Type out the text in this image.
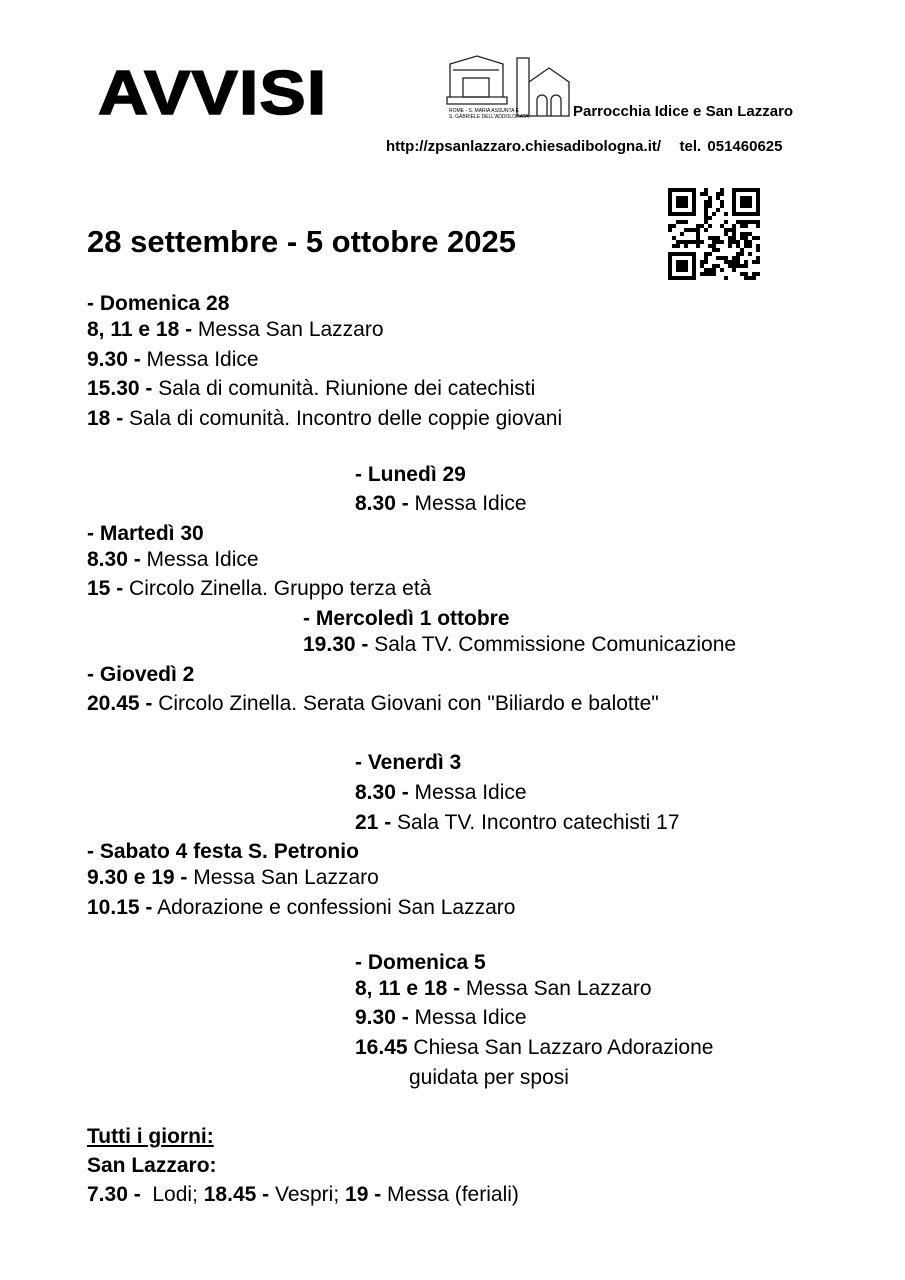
AVVISI	ROME - S. MARIA ASSUNTA E
S. GABRIELE DELL'ADDOLORATA	Parrocchia Idice e San Lazzaro
http://zpsanlazzaro.chiesadibologna.it/ tel. 051460625
28 settembre - 5 ottobre 2025
- Domenica 28
8, 11 e 18 - Messa San Lazzaro
9.30 - Messa Idice
15.30 - Sala di comunità. Riunione dei catechisti
18 - Sala di comunità. Incontro delle coppie giovani
- Lunedì 29
8.30 - Messa Idice
- Martedì 30
8.30 - Messa Idice
15 - Circolo Zinella. Gruppo terza età
- Mercoledì 1 ottobre
19.30 - Sala TV. Commissione Comunicazione
- Giovedì 2
20.45 - Circolo Zinella. Serata Giovani con "Biliardo e balotte"
- Venerdì 3
8.30 - Messa Idice
21 - Sala TV. Incontro catechisti 17
- Sabato 4 festa S. Petronio
9.30 e 19 - Messa San Lazzaro
10.15 - Adorazione e confessioni San Lazzaro
- Domenica 5
8, 11 e 18 - Messa San Lazzaro
9.30 - Messa Idice
16.45 Chiesa San Lazzaro Adorazione
guidata per sposi
Tutti i giorni:
San Lazzaro:
7.30 -  Lodi; 18.45 - Vespri; 19 - Messa (feriali)
